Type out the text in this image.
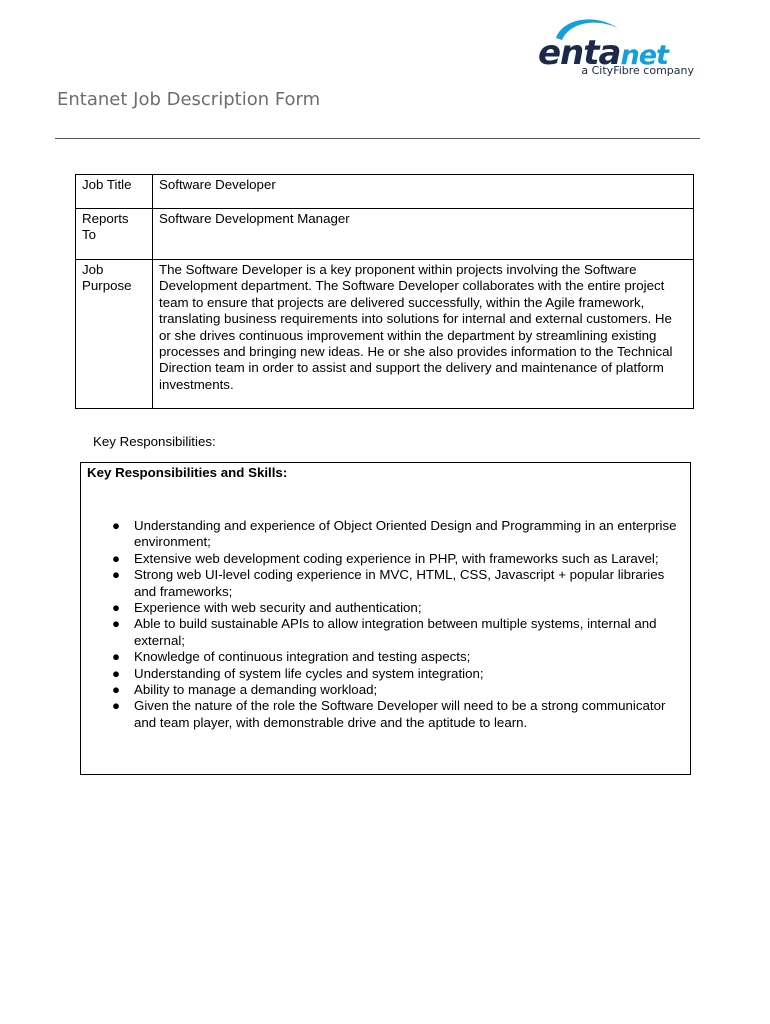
entanet
a CityFibre company
Entanet Job Description Form
Job Title	Software Developer
Reports To	Software Development Manager
Job Purpose	The Software Developer is a key proponent within projects involving the Software Development department. The Software Developer collaborates with the entire project team to ensure that projects are delivered successfully, within the Agile framework, translating business requirements into solutions for internal and external customers. He or she drives continuous improvement within the department by streamlining existing processes and bringing new ideas. He or she also provides information to the Technical Direction team in order to assist and support the delivery and maintenance of platform investments.
Key Responsibilities:
Key Responsibilities and Skills:
● Understanding and experience of Object Oriented Design and Programming in an enterprise environment;
● Extensive web development coding experience in PHP, with frameworks such as Laravel;
● Strong web UI-level coding experience in MVC, HTML, CSS, Javascript + popular libraries and frameworks;
● Experience with web security and authentication;
● Able to build sustainable APIs to allow integration between multiple systems, internal and external;
● Knowledge of continuous integration and testing aspects;
● Understanding of system life cycles and system integration;
● Ability to manage a demanding workload;
● Given the nature of the role the Software Developer will need to be a strong communicator and team player, with demonstrable drive and the aptitude to learn.
